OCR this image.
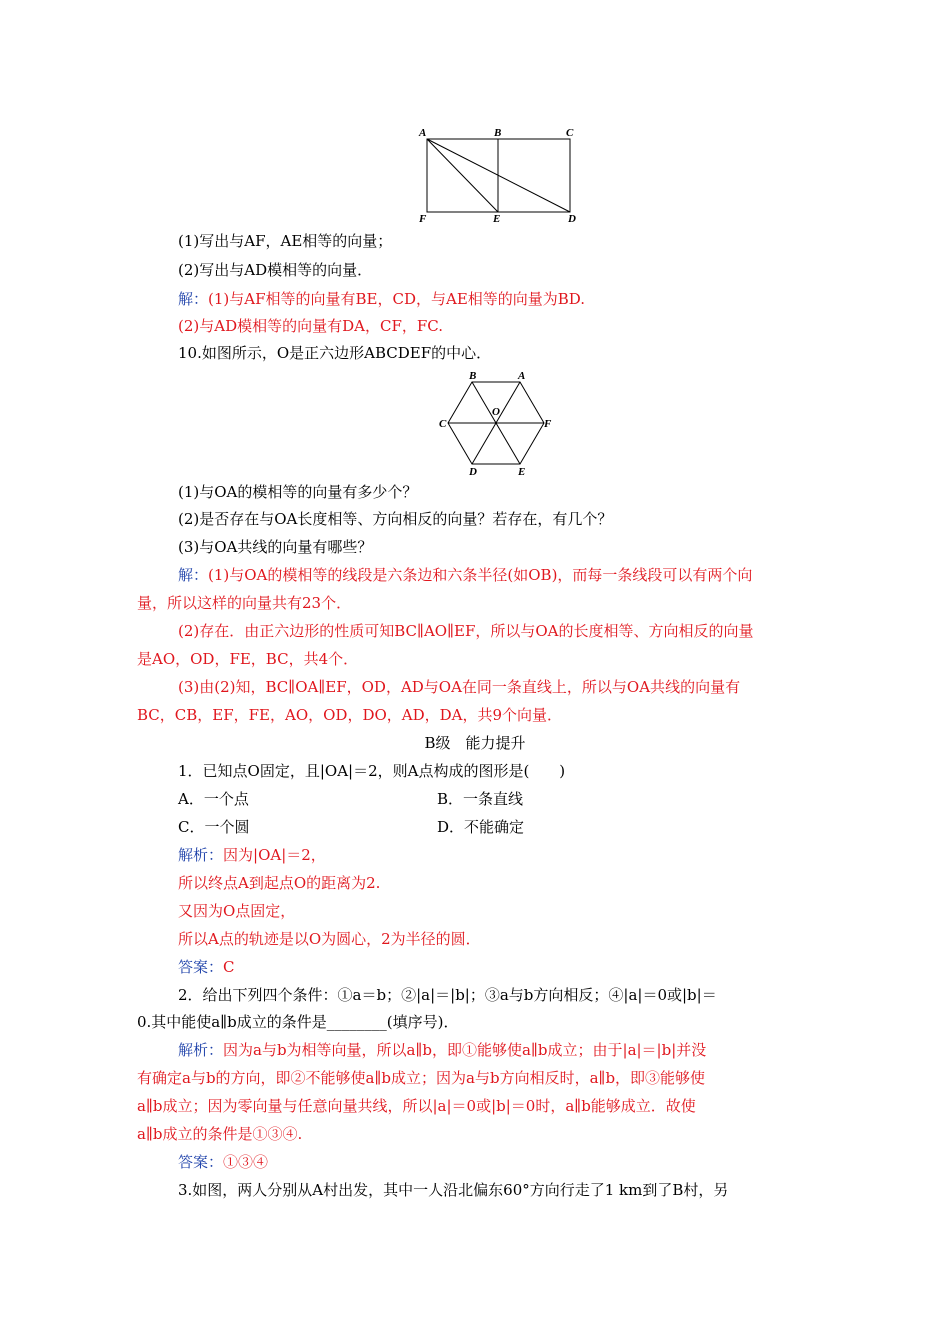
A	B	C
F	E	D
(1)写出与AF，AE相等的向量；
(2)写出与AD模相等的向量．
解：(1)与AF相等的向量有BE，CD，与AE相等的向量为BD.
(2)与AD模相等的向量有DA，CF，FC.
10.如图所示，O是正六边形ABCDEF的中心．
B	A
C
O
F
D	E
(1)与OA的模相等的向量有多少个？
(2)是否存在与OA长度相等、方向相反的向量？若存在，有几个？
(3)与OA共线的向量有哪些？
解：(1)与OA的模相等的线段是六条边和六条半径(如OB)，而每一条线段可以有两个向
量，所以这样的向量共有23个．
(2)存在．由正六边形的性质可知BC∥AO∥EF，所以与OA的长度相等、方向相反的向量
是AO，OD，FE，BC，共4个．
(3)由(2)知，BC∥OA∥EF，OD，AD与OA在同一条直线上，所以与OA共线的向量有
BC，CB，EF，FE，AO，OD，DO，AD，DA，共9个向量．
B级　能力提升
1．已知点O固定，且|OA|＝2，则A点构成的图形是(　　)
A．一个点	B．一条直线
C．一个圆	D．不能确定
解析：因为|OA|＝2，
所以终点A到起点O的距离为2.
又因为O点固定，
所以A点的轨迹是以O为圆心，2为半径的圆．
答案：C
2．给出下列四个条件：①a＝b；②|a|＝|b|；③a与b方向相反；④|a|＝0或|b|＝
0.其中能使a∥b成立的条件是________(填序号)．
解析：因为a与b为相等向量，所以a∥b，即①能够使a∥b成立；由于|a|＝|b|并没
有确定a与b的方向，即②不能够使a∥b成立；因为a与b方向相反时，a∥b，即③能够使
a∥b成立；因为零向量与任意向量共线，所以|a|＝0或|b|＝0时，a∥b能够成立．故使
a∥b成立的条件是①③④.
答案：①③④
3.如图，两人分别从A村出发，其中一人沿北偏东60°方向行走了1 km到了B村，另
